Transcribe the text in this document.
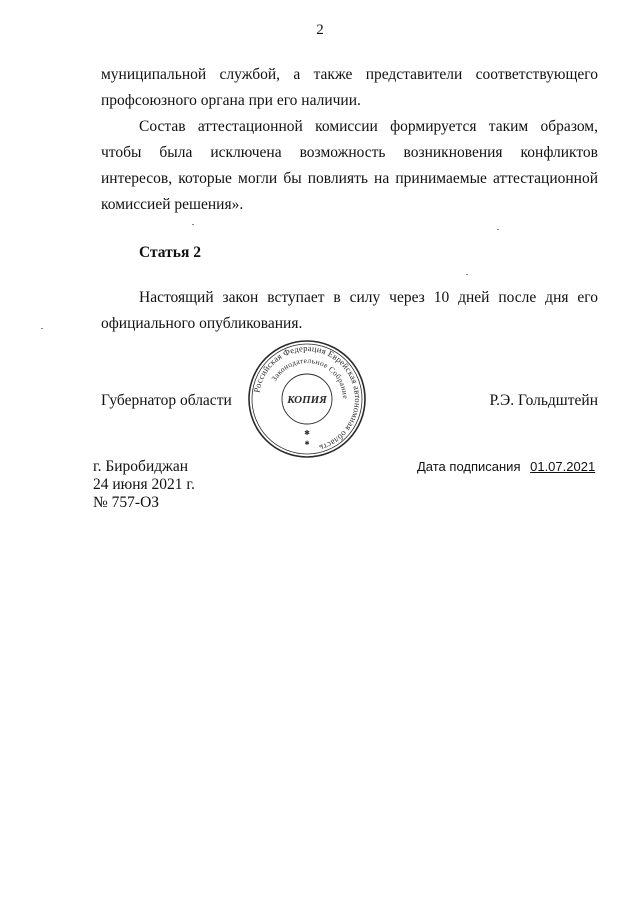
2

муниципальной службой, а также представители соответствующего профсоюзного органа при его наличии.

Состав аттестационной комиссии формируется таким образом, чтобы была исключена возможность возникновения конфликтов интересов, которые могли бы повлиять на принимаемые аттестационной комиссией решения».

Статья 2

Настоящий закон вступает в силу через 10 дней после дня его официального опубликования.

Губернатор области
Российская Федерация Еврейская автономная область
Законодательное Собрание
КОПИЯ
✱
✱
Р.Э. Гольдштейн
г. Биробиджан
24 июня 2021 г.
№ 757-ОЗ
Дата подписания 01.07.2021
